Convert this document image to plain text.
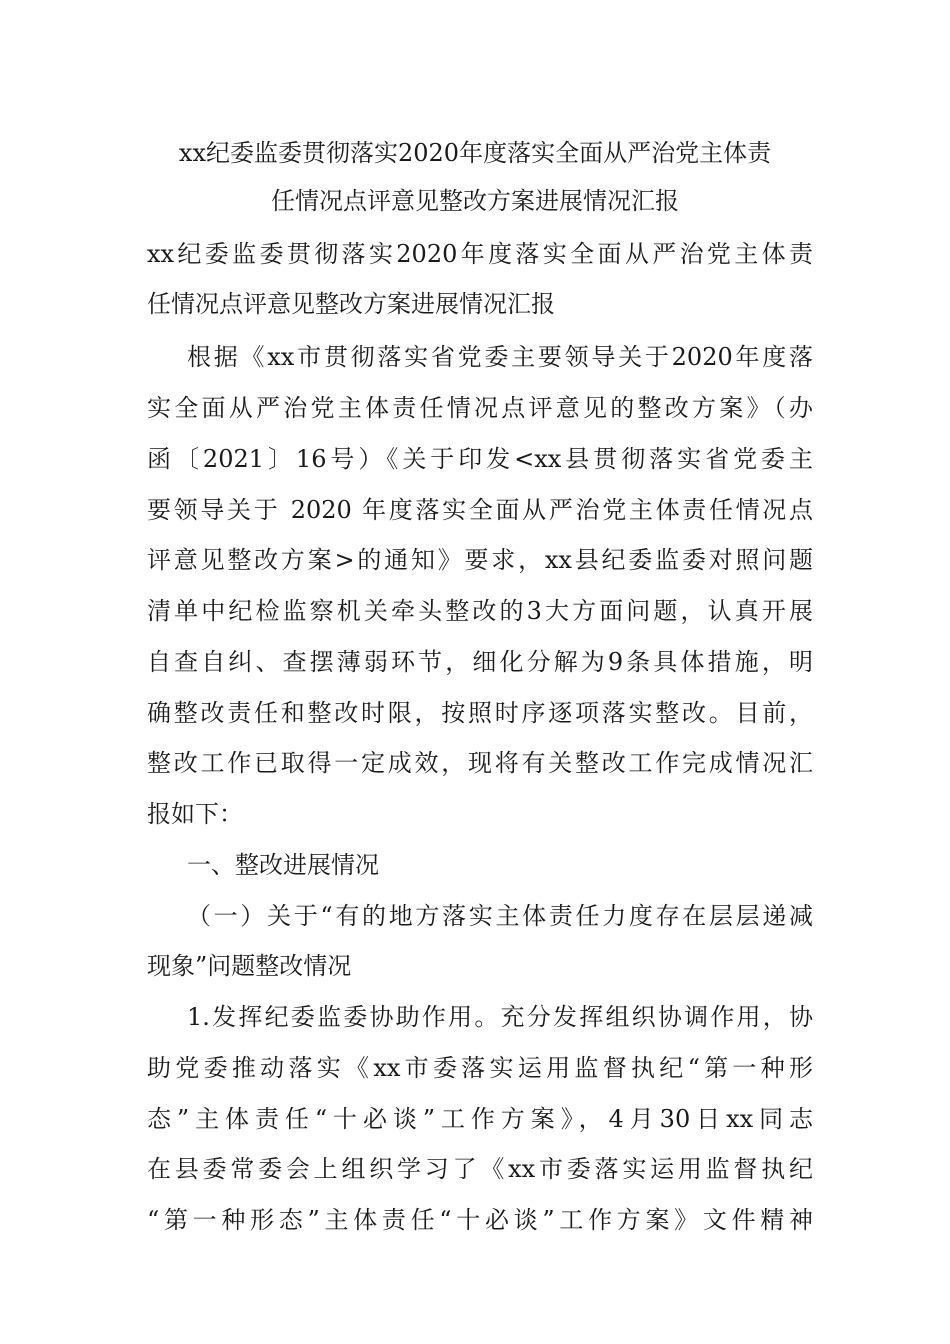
xx纪委监委贯彻落实2020年度落实全面从严治党主体责
任情况点评意见整改方案进展情况汇报
xx纪委监委贯彻落实2020年度落实全面从严治党主体责
任情况点评意见整改方案进展情况汇报
根据《xx市贯彻落实省党委主要领导关于2020年度落
实全面从严治党主体责任情况点评意见的整改方案》（办
函〔2021〕16号）《关于印发<xx县贯彻落实省党委主
要领导关于 2020 年度落实全面从严治党主体责任情况点
评意见整改方案>的通知》要求，xx县纪委监委对照问题
清单中纪检监察机关牵头整改的3大方面问题，认真开展
自查自纠、查摆薄弱环节，细化分解为9条具体措施，明
确整改责任和整改时限，按照时序逐项落实整改。目前，
整改工作已取得一定成效，现将有关整改工作完成情况汇
报如下：
一、整改进展情况
（一）关于“有的地方落实主体责任力度存在层层递减
现象”问题整改情况
1.发挥纪委监委协助作用。充分发挥组织协调作用，协
助党委推动落实《xx市委落实运用监督执纪“第一种形
态”主体责任“十必谈”工作方案》，4月30日xx同志
在县委常委会上组织学习了《xx市委落实运用监督执纪
“第一种形态”主体责任“十必谈”工作方案》文件精神
